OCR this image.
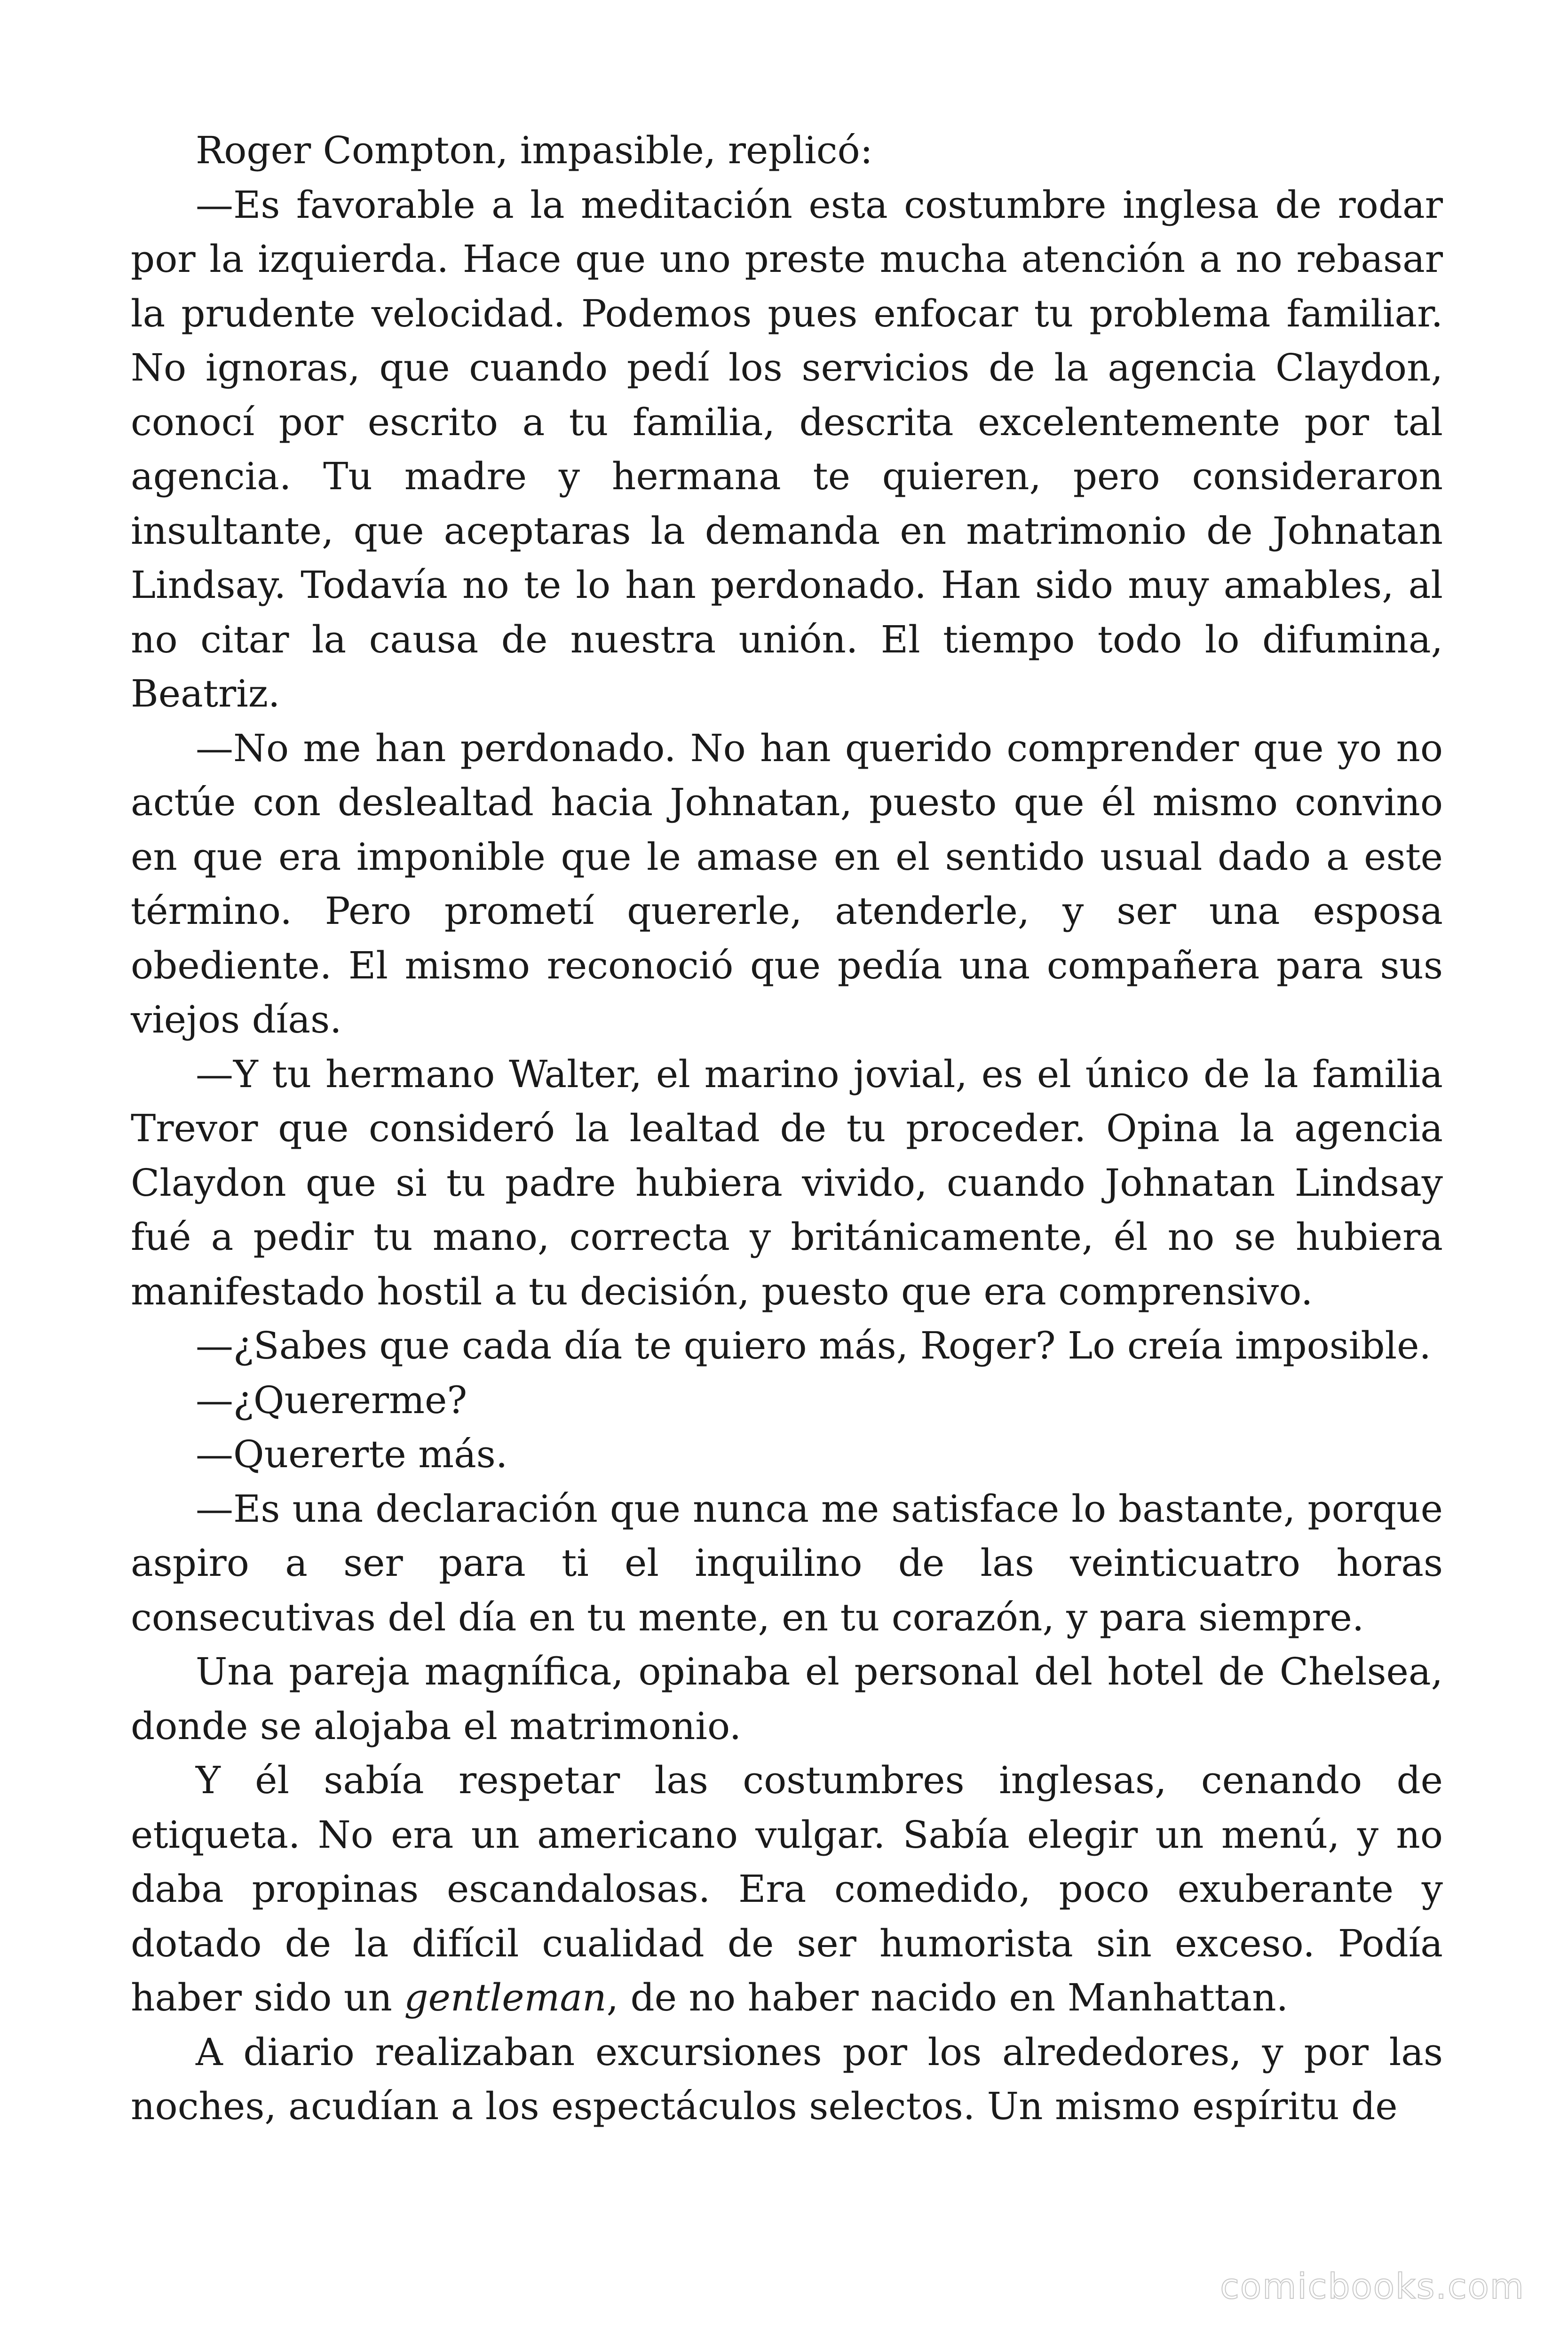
Roger Compton, impasible, replicó:

—Es favorable a la meditación esta costumbre inglesa de rodar por la izquierda. Hace que uno preste mucha atención a no rebasar la prudente velocidad. Podemos pues enfocar tu problema familiar. No ignoras, que cuando pedí los servicios de la agencia Claydon, conocí por escrito a tu familia, descrita excelentemente por tal agencia. Tu madre y hermana te quieren, pero consideraron insultante, que aceptaras la demanda en matrimonio de Johnatan Lindsay. Todavía no te lo han perdonado. Han sido muy amables, al no citar la causa de nuestra unión. El tiempo todo lo difumina, Beatriz.

—No me han perdonado. No han querido comprender que yo no actúe con deslealtad hacia Johnatan, puesto que él mismo convino en que era imponible que le amase en el sentido usual dado a este término. Pero prometí quererle, atenderle, y ser una esposa obediente. El mismo reconoció que pedía una compañera para sus viejos días.

—Y tu hermano Walter, el marino jovial, es el único de la familia Trevor que consideró la lealtad de tu proceder. Opina la agencia Claydon que si tu padre hubiera vivido, cuando Johnatan Lindsay fué a pedir tu mano, correcta y británicamente, él no se hubiera manifestado hostil a tu decisión, puesto que era comprensivo.

—¿Sabes que cada día te quiero más, Roger? Lo creía imposible.

—¿Quererme?

—Quererte más.

—Es una declaración que nunca me satisface lo bastante, porque aspiro a ser para ti el inquilino de las veinticuatro horas consecutivas del día en tu mente, en tu corazón, y para siempre.

Una pareja magnífica, opinaba el personal del hotel de Chelsea, donde se alojaba el matrimonio.

Y él sabía respetar las costumbres inglesas, cenando de etiqueta. No era un americano vulgar. Sabía elegir un menú, y no daba propinas escandalosas. Era comedido, poco exuberante y dotado de la difícil cualidad de ser humorista sin exceso. Podía haber sido un gentleman, de no haber nacido en Manhattan.

A diario realizaban excursiones por los alrededores, y por las noches, acudían a los espectáculos selectos. Un mismo espíritu de

comicbooks.com
